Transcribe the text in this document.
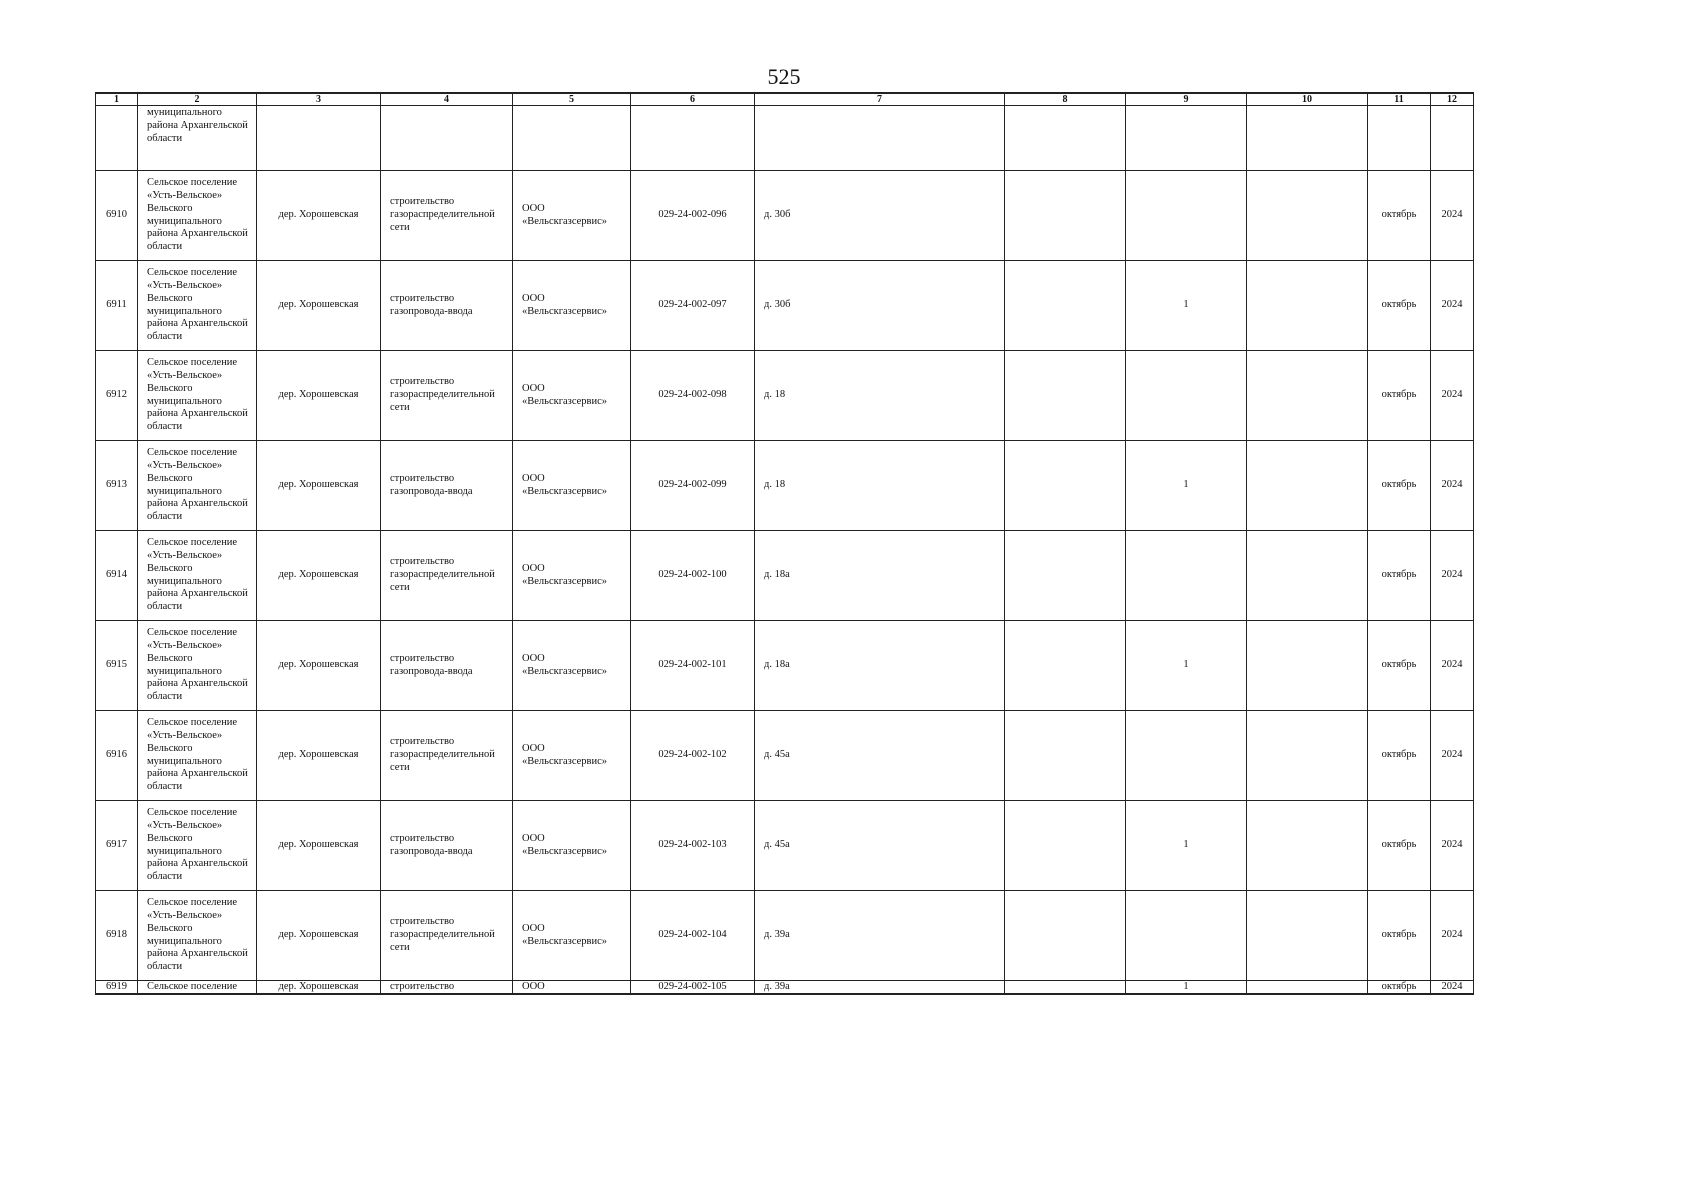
525
1	2	3	4	5	6	7	8	9	10	11	12
	муниципального района Архангельской области										
6910	Сельское поселение «Усть-Вельское» Вельского муниципального района Архангельской области	дер. Хорошевская	строительство газораспределительной сети	ООО «Вельскгазсервис»	029-24-002-096	д. 30б				октябрь	2024
6911	Сельское поселение «Усть-Вельское» Вельского муниципального района Архангельской области	дер. Хорошевская	строительство газопровода-ввода	ООО «Вельскгазсервис»	029-24-002-097	д. 30б		1		октябрь	2024
6912	Сельское поселение «Усть-Вельское» Вельского муниципального района Архангельской области	дер. Хорошевская	строительство газораспределительной сети	ООО «Вельскгазсервис»	029-24-002-098	д. 18				октябрь	2024
6913	Сельское поселение «Усть-Вельское» Вельского муниципального района Архангельской области	дер. Хорошевская	строительство газопровода-ввода	ООО «Вельскгазсервис»	029-24-002-099	д. 18		1		октябрь	2024
6914	Сельское поселение «Усть-Вельское» Вельского муниципального района Архангельской области	дер. Хорошевская	строительство газораспределительной сети	ООО «Вельскгазсервис»	029-24-002-100	д. 18а				октябрь	2024
6915	Сельское поселение «Усть-Вельское» Вельского муниципального района Архангельской области	дер. Хорошевская	строительство газопровода-ввода	ООО «Вельскгазсервис»	029-24-002-101	д. 18а		1		октябрь	2024
6916	Сельское поселение «Усть-Вельское» Вельского муниципального района Архангельской области	дер. Хорошевская	строительство газораспределительной сети	ООО «Вельскгазсервис»	029-24-002-102	д. 45а				октябрь	2024
6917	Сельское поселение «Усть-Вельское» Вельского муниципального района Архангельской области	дер. Хорошевская	строительство газопровода-ввода	ООО «Вельскгазсервис»	029-24-002-103	д. 45а		1		октябрь	2024
6918	Сельское поселение «Усть-Вельское» Вельского муниципального района Архангельской области	дер. Хорошевская	строительство газораспределительной сети	ООО «Вельскгазсервис»	029-24-002-104	д. 39а				октябрь	2024
6919	Сельское поселение	дер. Хорошевская	строительство	ООО	029-24-002-105	д. 39а		1		октябрь	2024
